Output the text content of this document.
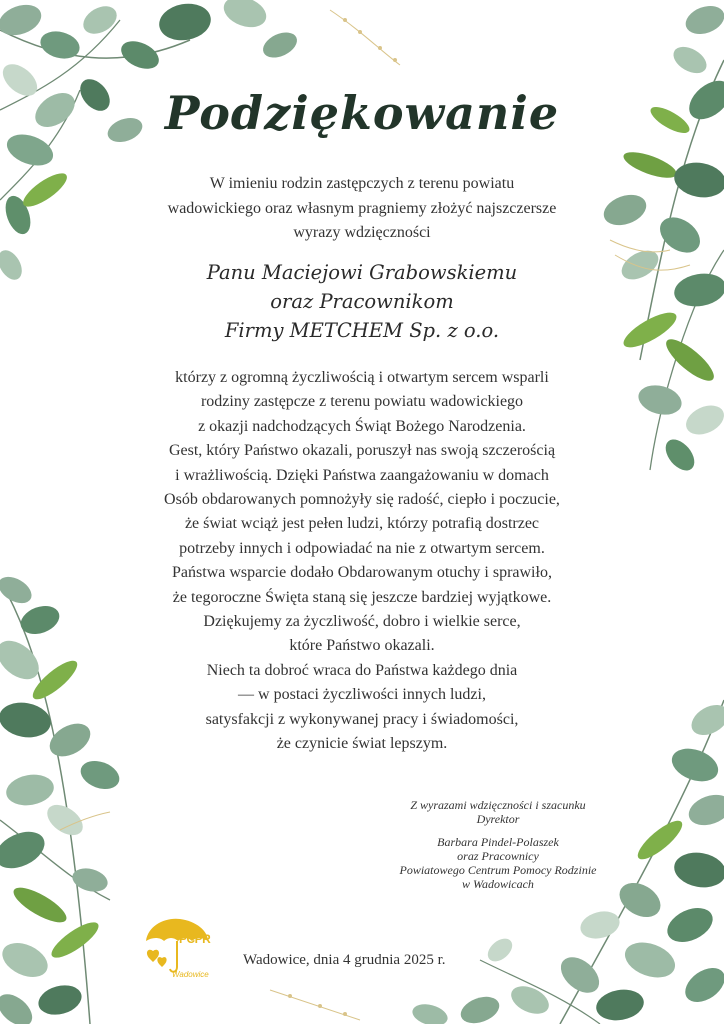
Podziękowanie
W imieniu rodzin zastępczych z terenu powiatu
wadowickiego oraz własnym pragniemy złożyć najszczersze
wyrazy wdzięczności
Panu Maciejowi Grabowskiemu
oraz Pracownikom
Firmy METCHEM Sp. z o.o.
którzy z ogromną życzliwością i otwartym sercem wsparli
rodziny zastępcze z terenu powiatu wadowickiego
z okazji nadchodzących Świąt Bożego Narodzenia.
Gest, który Państwo okazali, poruszył nas swoją szczerością
i wrażliwością. Dzięki Państwa zaangażowaniu w domach
Osób obdarowanych pomnożyły się radość, ciepło i poczucie,
że świat wciąż jest pełen ludzi, którzy potrafią dostrzec
potrzeby innych i odpowiadać na nie z otwartym sercem.
Państwa wsparcie dodało Obdarowanym otuchy i sprawiło,
że tegoroczne Święta staną się jeszcze bardziej wyjątkowe.
Dziękujemy za życzliwość, dobro i wielkie serce,
które Państwo okazali.
Niech ta dobroć wraca do Państwa każdego dnia
— w postaci życzliwości innych ludzi,
satysfakcji z wykonywanej pracy i świadomości,
że czynicie świat lepszym.
Z wyrazami wdzięczności i szacunku
Dyrektor
Barbara Pindel-Polaszek
oraz Pracownicy
Powiatowego Centrum Pomocy Rodzinie
w Wadowicach
PCPR
Wadowice
Wadowice, dnia 4 grudnia 2025 r.
